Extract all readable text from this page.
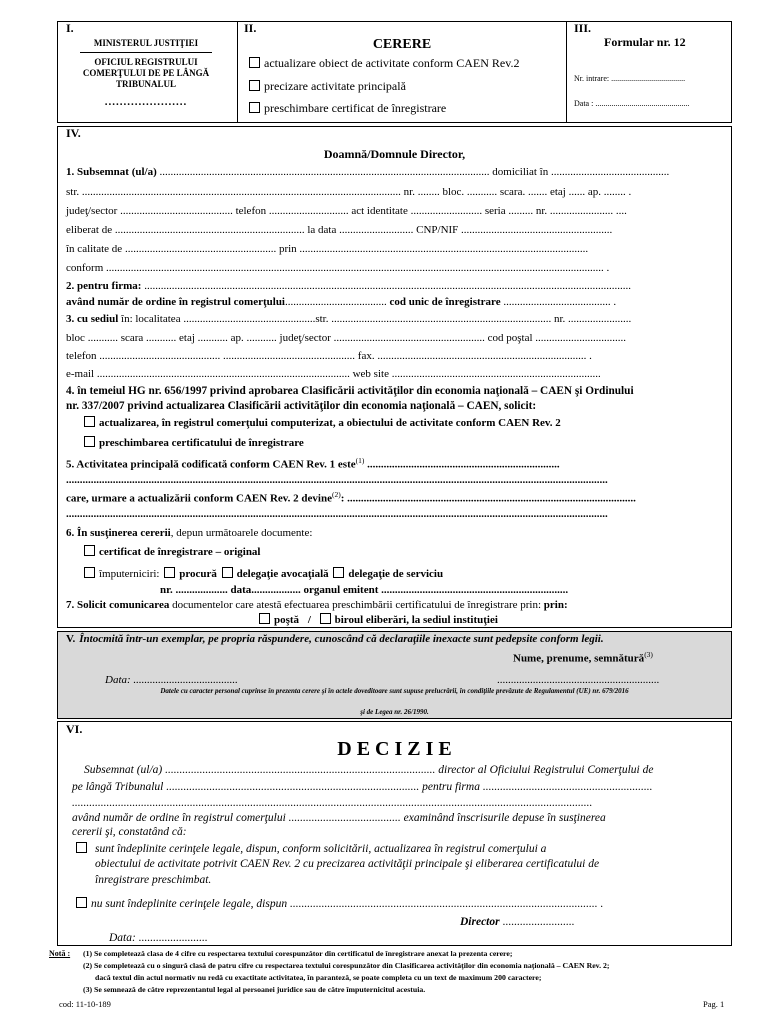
I.
MINISTERUL JUSTIŢIEI
OFICIUL REGISTRULUI
COMERŢULUI DE PE LÂNGĂ
TRIBUNALUL
......................
II.
CERERE
actualizare obiect de activitate conform CAEN Rev.2
precizare activitate principală
preschimbare certificat de înregistrare
III.
Formular nr. 12
Nr. intrare: .....................................
Data : ...............................................
IV.
Doamnă/Domnule Director,
1. Subsemnat (ul/a) ........................................................................................................................ domiciliat în ...........................................
str. .................................................................................................................... nr. ........ bloc. ........... scara. ....... etaj ...... ap. ........ .
judeţ/sector ......................................... telefon ............................. act identitate .......................... seria ......... nr. ....................... ....
eliberat de ..................................................................... la data ........................... CNP/NIF .......................................................
în calitate de ....................................................... prin .........................................................................................................
conform ..................................................................................................................................................................................... .
2. pentru firma: .................................................................................................................................................................................
având număr de ordine în registrul comerţului..................................... cod unic de înregistrare ....................................... .
3. cu sediul în: localitatea ................................................str. ................................................................................ nr. .......................
bloc ........... scara ........... etaj ........... ap. ........... judeţ/sector ....................................................... cod poştal .................................
telefon ............................................ ................................................ fax. ............................................................................ .
e-mail ............................................................................................ web site ............................................................................
4. în temeiul HG nr. 656/1997 privind aprobarea Clasificării activităţilor din economia naţională – CAEN şi Ordinului
nr. 337/2007 privind actualizarea Clasificării activităţilor din economia naţională – CAEN, solicit:
actualizarea, în registrul comerţului computerizat, a obiectului de activitate conform CAEN Rev. 2
preschimbarea certificatului de înregistrare
5. Activitatea principală codificată conform CAEN Rev. 1 este$^{(1)}$ ......................................................................
.....................................................................................................................................................................................................
care, urmare a actualizării conform CAEN Rev. 2 devine$^{(2)}$: .........................................................................................................
.....................................................................................................................................................................................................
6. În susţinerea cererii, depun următoarele documente:
certificat de înregistrare – original
împuterniciri: procură delegaţie avocaţială delegaţie de serviciu
nr. ................... data.................. organul emitent ....................................................................
7. Solicit comunicarea documentelor care atestă efectuarea preschimbării certificatului de înregistrare prin: prin:
poştă / biroul eliberări, la sediul instituţiei
V. Întocmită într-un exemplar, pe propria răspundere, cunoscând că declaraţiile inexacte sunt pedepsite conform legii.
Nume, prenume, semnătură$^{(3)}$
Data: ......................................	...........................................................
Datele cu caracter personal cuprinse în prezenta cerere şi în actele doveditoare sunt supuse prelucrării, în condiţiile prevăzute de Regulamentul (UE) nr. 679/2016
şi de Legea nr. 26/1990.
VI.
D E C I Z I E
Subsemnat (ul/a) .............................................................................................. director al Oficiului Registrului Comerţului de
pe lângă Tribunalul ........................................................................................ pentru firma ...........................................................
.....................................................................................................................................................................................
având număr de ordine în registrul comerţului ....................................... examinând înscrisurile depuse în susţinerea
cererii şi, constatând că:
sunt îndeplinite cerinţele legale, dispun, conform solicitării, actualizarea în registrul comerţului a
obiectului de activitate potrivit CAEN Rev. 2 cu precizarea activităţii principale şi eliberarea certificatului de
înregistrare preschimbat.
nu sunt îndeplinite cerinţele legale, dispun ........................................................................................................... .
Director .........................
Data: ........................
Notă : (1) Se completează clasa de 4 cifre cu respectarea textului corespunzător din certificatul de înregistrare anexat la prezenta cerere;
(2) Se completează cu o singură clasă de patru cifre cu respectarea textului corespunzător din Clasificarea activităţilor din economia naţională – CAEN Rev. 2;
dacă textul din actul normativ nu redă cu exactitate activitatea, în paranteză, se poate completa cu un text de maximum 200 caractere;
(3) Se semnează de către reprezentantul legal al persoanei juridice sau de către împuternicitul acestuia.
cod: 11-10-189	Pag. 1
